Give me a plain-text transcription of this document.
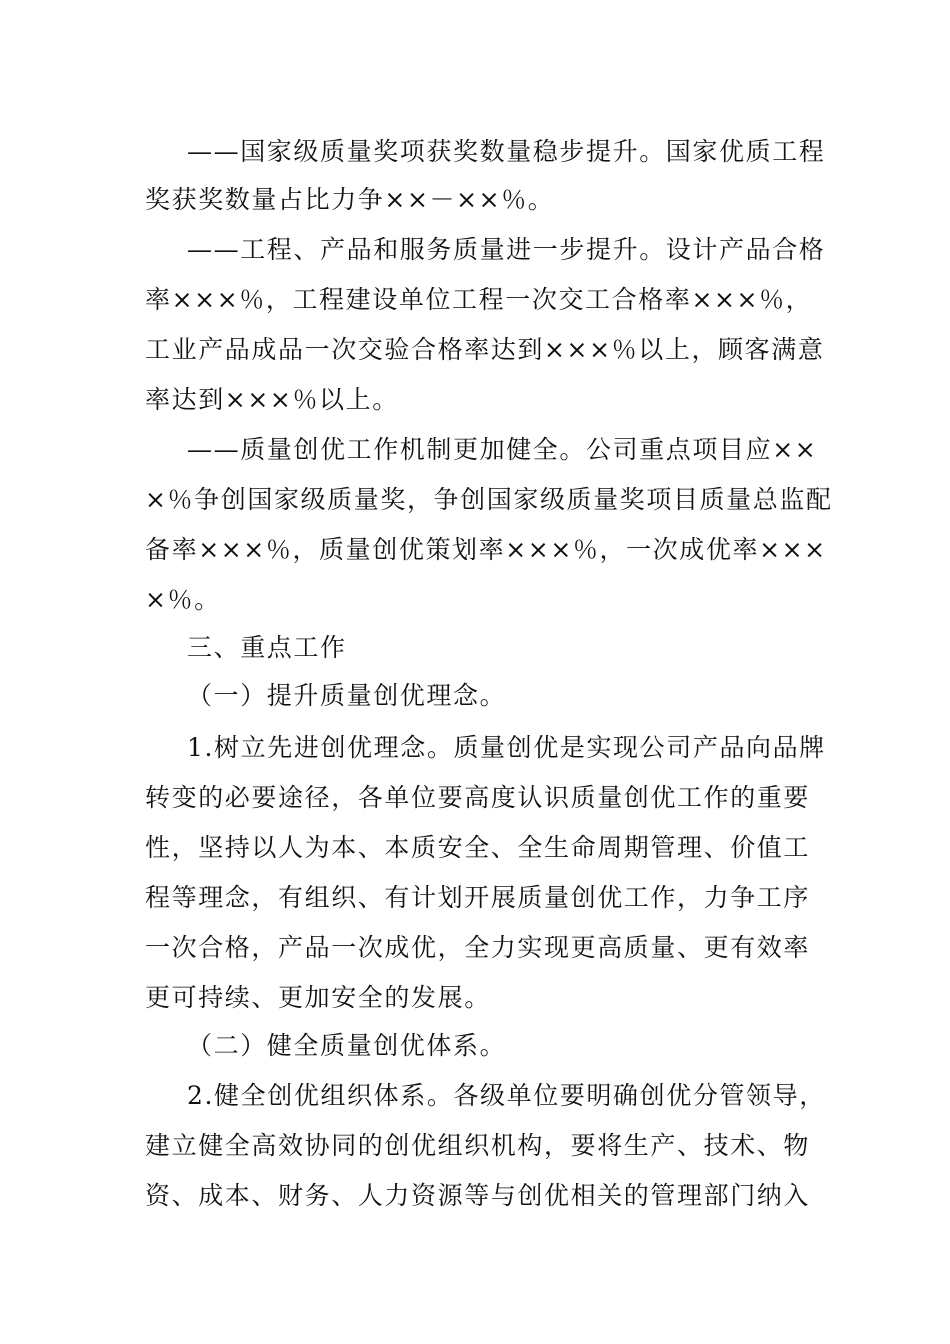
——国家级质量奖项获奖数量稳步提升。国家优质工程
奖获奖数量占比力争××－××％。
——工程、产品和服务质量进一步提升。设计产品合格
率×××％，工程建设单位工程一次交工合格率×××％，
工业产品成品一次交验合格率达到×××％以上，顾客满意
率达到×××％以上。
——质量创优工作机制更加健全。公司重点项目应××
×％争创国家级质量奖，争创国家级质量奖项目质量总监配
备率×××％，质量创优策划率×××％，一次成优率×××
×％。
三、重点工作
（一）提升质量创优理念。
1.树立先进创优理念。质量创优是实现公司产品向品牌
转变的必要途径，各单位要高度认识质量创优工作的重要
性，坚持以人为本、本质安全、全生命周期管理、价值工
程等理念，有组织、有计划开展质量创优工作，力争工序
一次合格，产品一次成优，全力实现更高质量、更有效率
更可持续、更加安全的发展。
（二）健全质量创优体系。
2.健全创优组织体系。各级单位要明确创优分管领导，
建立健全高效协同的创优组织机构，要将生产、技术、物
资、成本、财务、人力资源等与创优相关的管理部门纳入
